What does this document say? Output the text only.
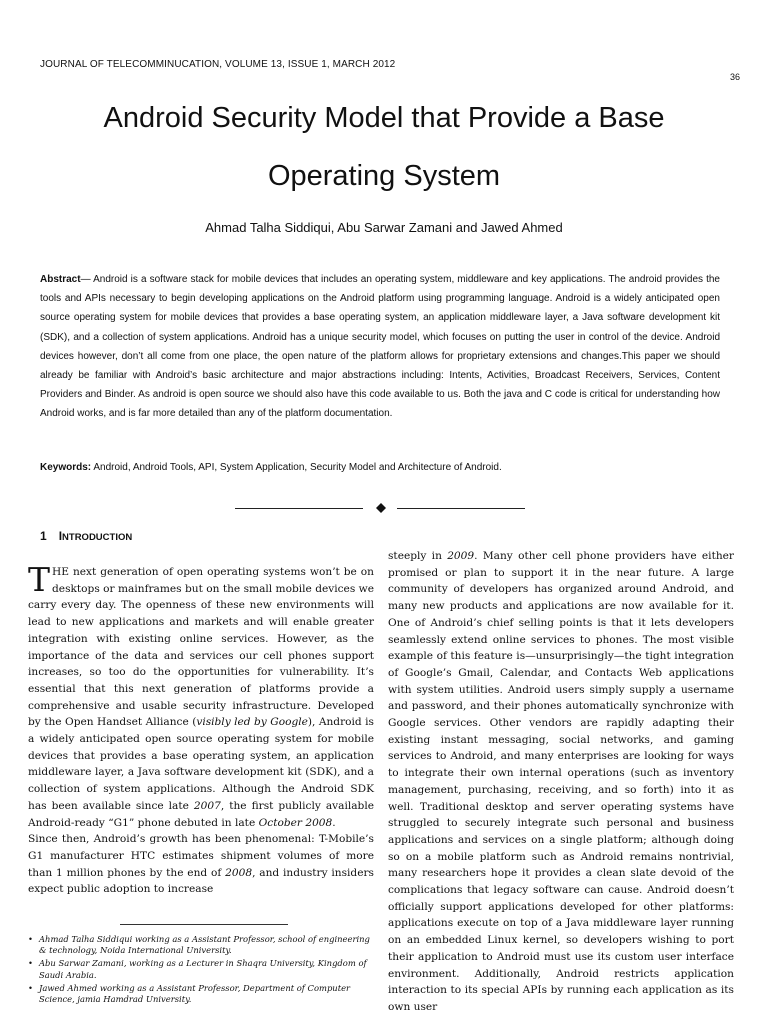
JOURNAL OF TELECOMMINUCATION, VOLUME 13, ISSUE 1, MARCH 2012
36
Android Security Model that Provide a Base
Operating System
Ahmad Talha Siddiqui, Abu Sarwar Zamani and Jawed Ahmed

Abstract— Android is a software stack for mobile devices that includes an operating system, middleware and key applications. The android provides the tools and APIs necessary to begin developing applications on the Android platform using programming language. Android is a widely anticipated open source operating system for mobile devices that provides a base operating system, an application middleware layer, a Java software development kit (SDK), and a collection of system applications. Android has a unique security model, which focuses on putting the user in control of the device. Android devices however, don’t all come from one place, the open nature of the platform allows for proprietary extensions and changes.This paper we should already be familiar with Android’s basic architecture and major abstractions including: Intents, Activities, Broadcast Receivers, Services, Content Providers and Binder. As android is open source we should also have this code available to us. Both the java and C code is critical for understanding how Android works, and is far more detailed than any of the platform documentation.

Keywords: Android, Android Tools, API, System Application, Security Model and Architecture of Android.

1 INTRODUCTION

THE next generation of open operating systems won’t be on desktops or mainframes but on the small mobile devices we carry every day. The openness of these new environments will lead to new applications and markets and will enable greater integration with existing online services. However, as the importance of the data and services our cell phones support increases, so too do the opportunities for vulnerability. It’s essential that this next generation of platforms provide a comprehensive and usable security infrastructure. Developed by the Open Handset Alliance (visibly led by Google), Android is a widely anticipated open source operating system for mobile devices that provides a base operating system, an application middleware layer, a Java software development kit (SDK), and a collection of system applications. Although the Android SDK has been available since late 2007, the first publicly available Android-ready “G1” phone debuted in late October 2008.

Since then, Android’s growth has been phenomenal: T-Mobile’s G1 manufacturer HTC estimates shipment volumes of more than 1 million phones by the end of 2008, and industry insiders expect public adoption to increase

steeply in 2009. Many other cell phone providers have either promised or plan to support it in the near future. A large community of developers has organized around Android, and many new products and applications are now available for it. One of Android’s chief selling points is that it lets developers seamlessly extend online services to phones. The most visible example of this feature is—unsurprisingly—the tight integration of Google’s Gmail, Calendar, and Contacts Web applications with system utilities. Android users simply supply a username and password, and their phones automatically synchronize with Google services. Other vendors are rapidly adapting their existing instant messaging, social networks, and gaming services to Android, and many enterprises are looking for ways to integrate their own internal operations (such as inventory management, purchasing, receiving, and so forth) into it as well. Traditional desktop and server operating systems have struggled to securely integrate such personal and business applications and services on a single platform; although doing so on a mobile platform such as Android remains nontrivial, many researchers hope it provides a clean slate devoid of the complications that legacy software can cause. Android doesn’t officially support applications developed for other platforms: applications execute on top of a Java middleware layer running on an embedded Linux kernel, so developers wishing to port their application to Android must use its custom user interface environment. Additionally, Android restricts application interaction to its special APIs by running each application as its own user

• Ahmad Talha Siddiqui working as a Assistant Professor, school of engineering & technology, Noida International University.
• Abu Sarwar Zamani, working as a Lecturer in Shaqra University, Kingdom of Saudi Arabia.
• Jawed Ahmed working as a Assistant Professor, Department of Computer Science, jamia Hamdrad University.
